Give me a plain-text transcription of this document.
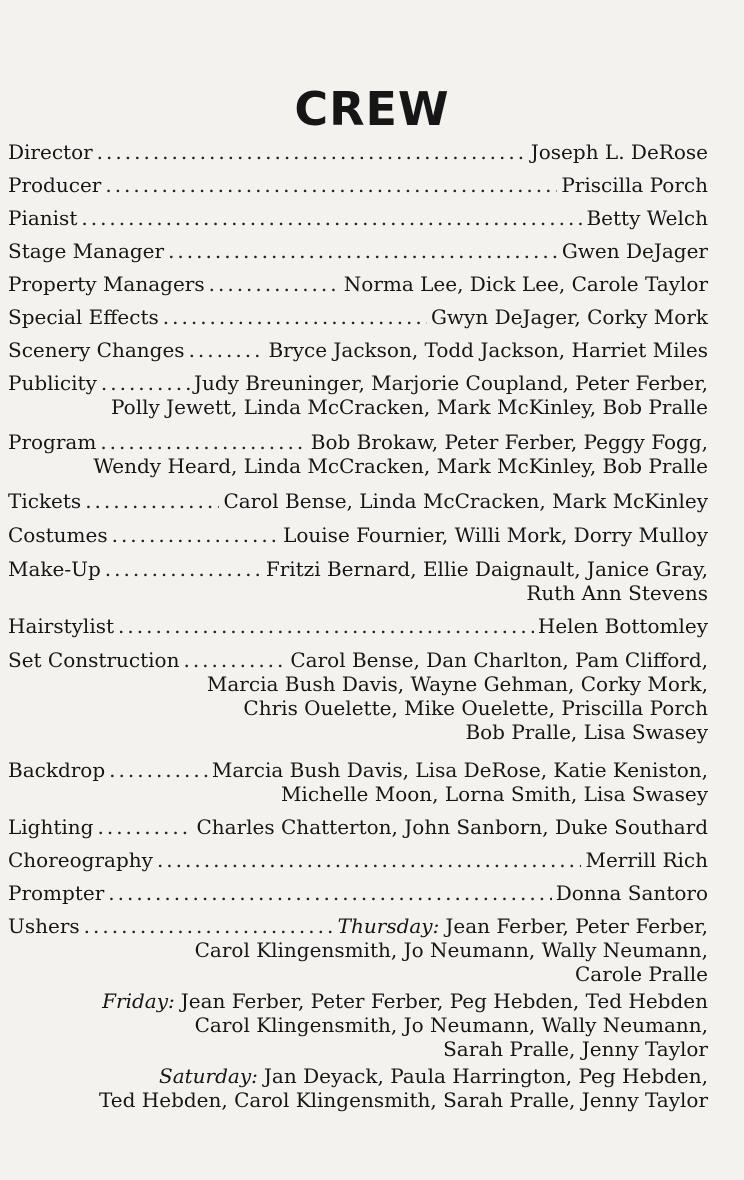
CREW
Director .....	Joseph L. DeRose
Producer .....	Priscilla Porch
Pianist .....	Betty Welch
Stage Manager .....	Gwen DeJager
Property Managers .....	Norma Lee, Dick Lee, Carole Taylor
Special Effects .....	Gwyn DeJager, Corky Mork
Scenery Changes .....	Bryce Jackson, Todd Jackson, Harriet Miles
Publicity .....	Judy Breuninger, Marjorie Coupland, Peter Ferber,
Polly Jewett, Linda McCracken, Mark McKinley, Bob Pralle
Program .....	Bob Brokaw, Peter Ferber, Peggy Fogg,
Wendy Heard, Linda McCracken, Mark McKinley, Bob Pralle
Tickets .....	Carol Bense, Linda McCracken, Mark McKinley
Costumes .....	Louise Fournier, Willi Mork, Dorry Mulloy
Make-Up .....	Fritzi Bernard, Ellie Daignault, Janice Gray,
Ruth Ann Stevens
Hairstylist .....	Helen Bottomley
Set Construction .....	Carol Bense, Dan Charlton, Pam Clifford,
Marcia Bush Davis, Wayne Gehman, Corky Mork,
Chris Ouelette, Mike Ouelette, Priscilla Porch
Bob Pralle, Lisa Swasey
Backdrop .....	Marcia Bush Davis, Lisa DeRose, Katie Keniston,
Michelle Moon, Lorna Smith, Lisa Swasey
Lighting .....	Charles Chatterton, John Sanborn, Duke Southard
Choreography .....	Merrill Rich
Prompter .....	Donna Santoro
Ushers .....	Thursday: Jean Ferber, Peter Ferber,
Carol Klingensmith, Jo Neumann, Wally Neumann,
Carole Pralle
Friday: Jean Ferber, Peter Ferber, Peg Hebden, Ted Hebden
Carol Klingensmith, Jo Neumann, Wally Neumann,
Sarah Pralle, Jenny Taylor
Saturday: Jan Deyack, Paula Harrington, Peg Hebden,
Ted Hebden, Carol Klingensmith, Sarah Pralle, Jenny Taylor
